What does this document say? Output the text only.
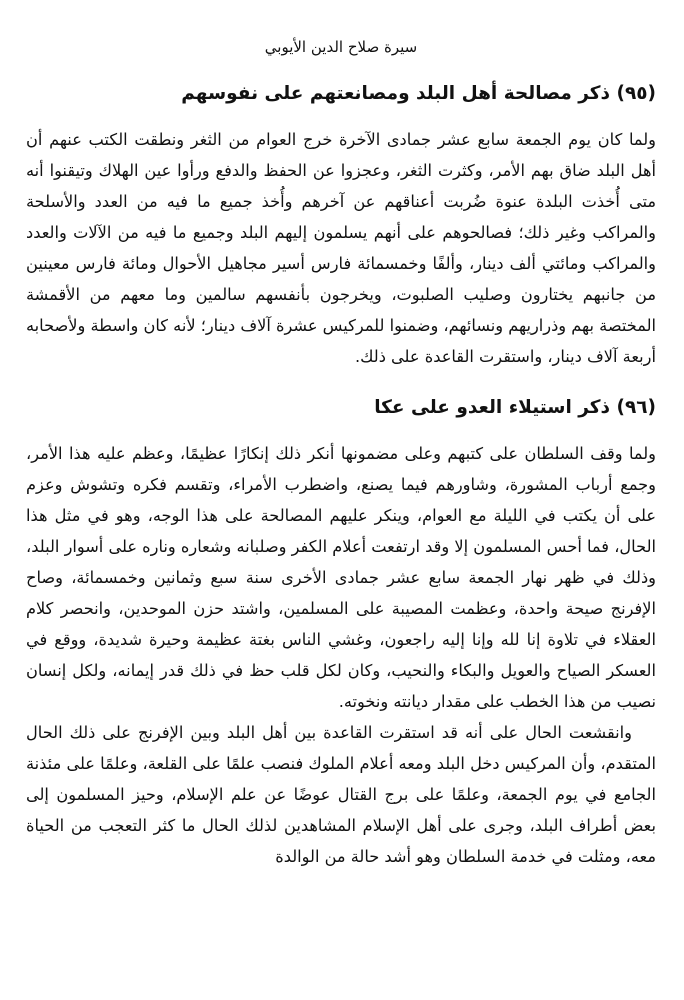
سيرة صلاح الدين الأيوبي
(٩٥) ذكر مصالحة أهل البلد ومصانعتهم على نفوسهم

ولما كان يوم الجمعة سابع عشر جمادى الآخرة خرج العوام من الثغر ونطقت الكتب عنهم أن أهل البلد ضاق بهم الأمر، وكثرت الثغر، وعجزوا عن الحفظ والدفع ورأوا عين الهلاك وتيقنوا أنه متى أُخذت البلدة عنوة ضُربت أعناقهم عن آخرهم وأُخذ جميع ما فيه من العدد والأسلحة والمراكب وغير ذلك؛ فصالحوهم على أنهم يسلمون إليهم البلد وجميع ما فيه من الآلات والعدد والمراكب ومائتي ألف دينار، وألفًا وخمسمائة فارس أسير مجاهيل الأحوال ومائة فارس معينين من جانبهم يختارون وصليب الصلبوت، ويخرجون بأنفسهم سالمين وما معهم من الأقمشة المختصة بهم وذراريهم ونسائهم، وضمنوا للمركيس عشرة آلاف دينار؛ لأنه كان واسطة ولأصحابه أربعة آلاف دينار، واستقرت القاعدة على ذلك.

(٩٦) ذكر استيلاء العدو على عكا

ولما وقف السلطان على كتبهم وعلى مضمونها أنكر ذلك إنكارًا عظيمًا، وعظم عليه هذا الأمر، وجمع أرباب المشورة، وشاورهم فيما يصنع، واضطرب الأمراء، وتقسم فكره وتشوش وعزم على أن يكتب في الليلة مع العوام، وينكر عليهم المصالحة على هذا الوجه، وهو في مثل هذا الحال، فما أحس المسلمون إلا وقد ارتفعت أعلام الكفر وصلبانه وشعاره وناره على أسوار البلد، وذلك في ظهر نهار الجمعة سابع عشر جمادى الأخرى سنة سبع وثمانين وخمسمائة، وصاح الإفرنج صيحة واحدة، وعظمت المصيبة على المسلمين، واشتد حزن الموحدين، وانحصر كلام العقلاء في تلاوة إنا لله وإنا إليه راجعون، وغشي الناس بغتة عظيمة وحيرة شديدة، ووقع في العسكر الصياح والعويل والبكاء والنحيب، وكان لكل قلب حظ في ذلك قدر إيمانه، ولكل إنسان نصيب من هذا الخطب على مقدار ديانته ونخوته.

وانقشعت الحال على أنه قد استقرت القاعدة بين أهل البلد وبين الإفرنج على ذلك الحال المتقدم، وأن المركيس دخل البلد ومعه أعلام الملوك فنصب علمًا على القلعة، وعلمًا على مئذنة الجامع في يوم الجمعة، وعلمًا على برج القتال عوضًا عن علم الإسلام، وحيز المسلمون إلى بعض أطراف البلد، وجرى على أهل الإسلام المشاهدين لذلك الحال ما كثر التعجب من الحياة معه، ومثلت في خدمة السلطان وهو أشد حالة من الوالدة
